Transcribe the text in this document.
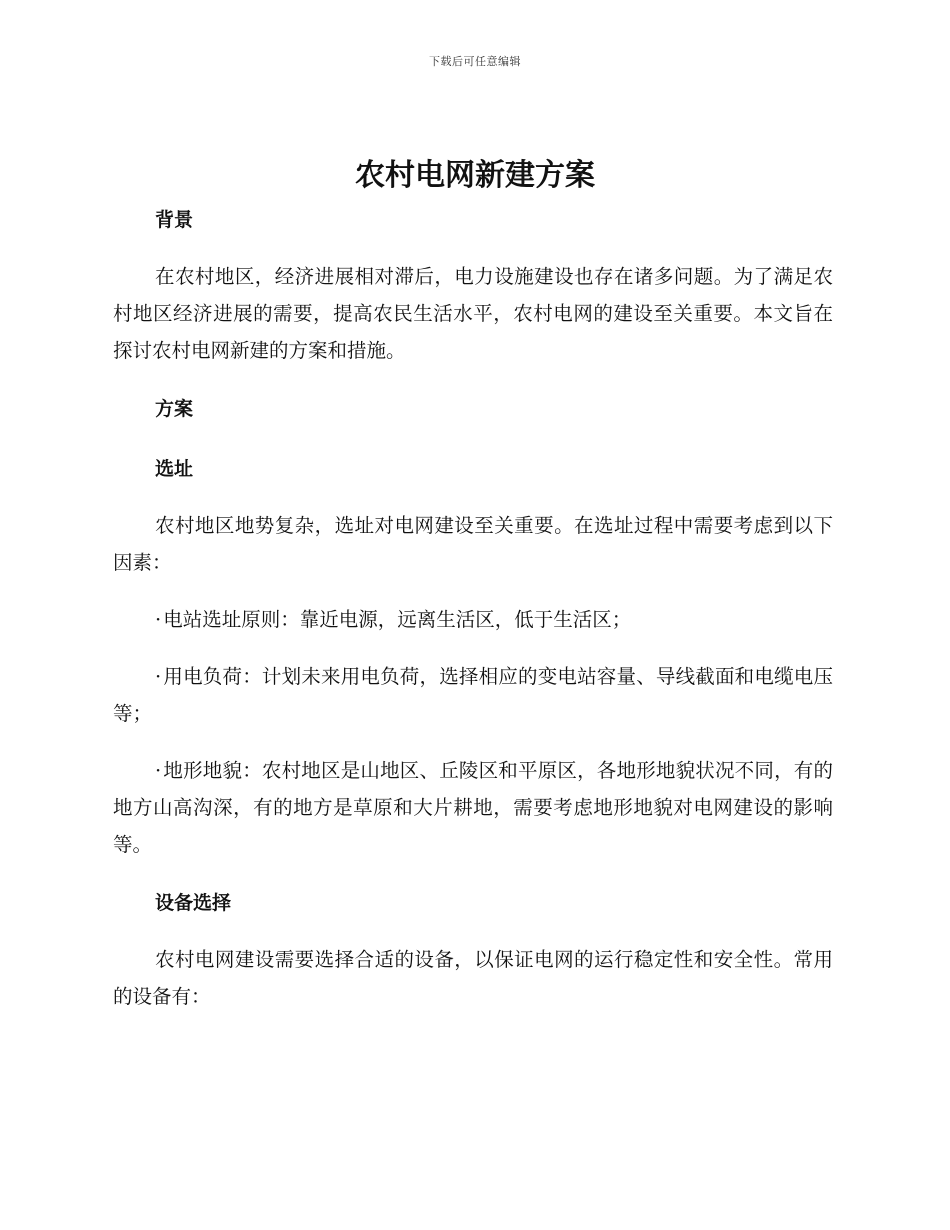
下载后可任意编辑
农村电网新建方案
背景

在农村地区，经济进展相对滞后，电力设施建设也存在诸多问题。为了满足农村地区经济进展的需要，提高农民生活水平，农村电网的建设至关重要。本文旨在探讨农村电网新建的方案和措施。

方案
选址

农村地区地势复杂，选址对电网建设至关重要。在选址过程中需要考虑到以下因素：

· 电站选址原则：靠近电源，远离生活区，低于生活区；

· 用电负荷：计划未来用电负荷，选择相应的变电站容量、导线截面和电缆电压等；

· 地形地貌：农村地区是山地区、丘陵区和平原区，各地形地貌状况不同，有的地方山高沟深，有的地方是草原和大片耕地，需要考虑地形地貌对电网建设的影响等。

设备选择

农村电网建设需要选择合适的设备，以保证电网的运行稳定性和安全性。常用的设备有：
